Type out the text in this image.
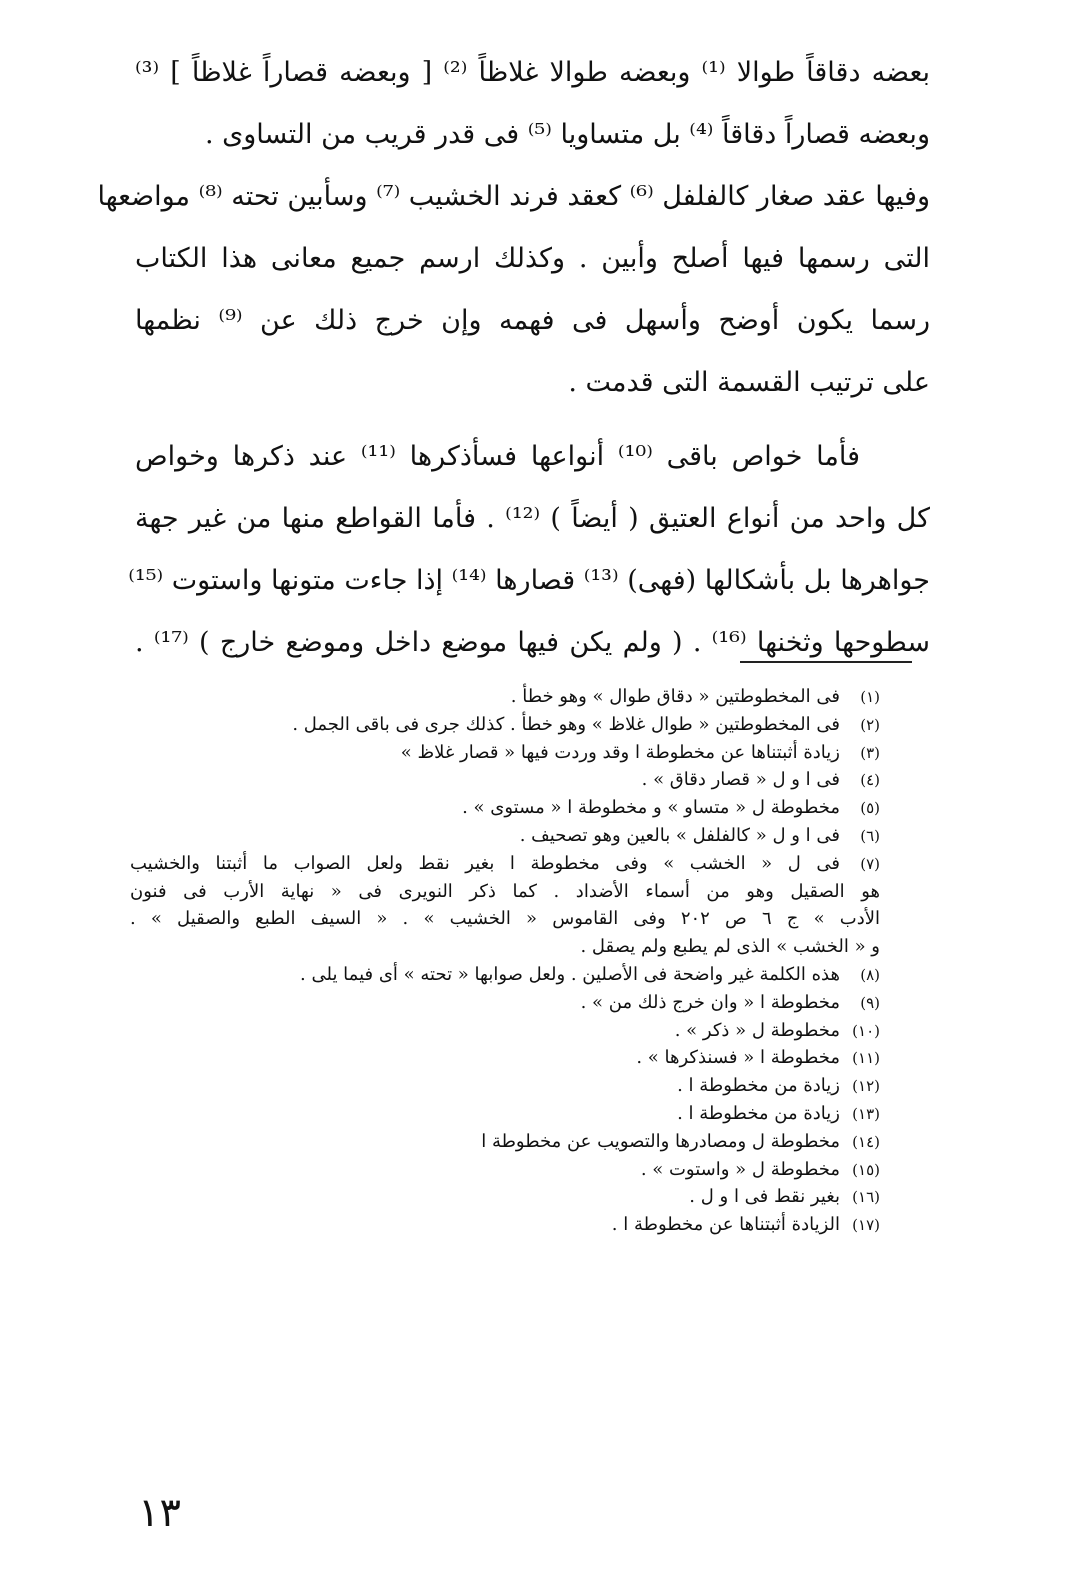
بعضه دقاقاً طوالا ⁽¹⁾ وبعضه طوالا غلاظاً ⁽²⁾ [ وبعضه قصاراً غلاظاً ] ⁽³⁾
وبعضه قصاراً دقاقاً ⁽⁴⁾ بل متساويا ⁽⁵⁾ فى قدر قريب من التساوى .
وفيها عقد صغار كالفلفل ⁽⁶⁾ كعقد فرند الخشيب ⁽⁷⁾ وسأبين تحته ⁽⁸⁾ مواضعها
التى رسمها فيها أصلح وأبين . وكذلك ارسم جميع معانى هذا الكتاب
رسما يكون أوضح وأسهل فى فهمه وإن خرج ذلك عن ⁽⁹⁾ نظمها
على ترتيب القسمة التى قدمت .
فأما خواص باقى ⁽¹⁰⁾ أنواعها فسأذكرها ⁽¹¹⁾ عند ذكرها وخواص
كل واحد من أنواع العتيق ( أيضاً ) ⁽¹²⁾ . فأما القواطع منها من غير جهة
جواهرها بل بأشكالها (فهى) ⁽¹³⁾ قصارها ⁽¹⁴⁾ إذا جاءت متونها واستوت ⁽¹⁵⁾
سطوحها وثخنها ⁽¹⁶⁾ . ( ولم يكن فيها موضع داخل وموضع خارج ) ⁽¹⁷⁾ .
(١)فى المخطوطتين « دقاق طوال » وهو خطأ .
(٢)فى المخطوطتين « طوال غلاظ » وهو خطأ . كذلك جرى فى باقى الجمل .
(٣)زيادة أثبتناها عن مخطوطة ا وقد وردت فيها « قصار غلاظ »
(٤)فى ا و ل « قصار دقاق » .
(٥)مخطوطة ل « متساو » و مخطوطة ا « مستوى » .
(٦)فى ا و ل « كالفلفل » بالعين وهو تصحيف .
(٧)فى ل « الخشب » وفى مخطوطة ا بغير نقط ولعل الصواب ما أثبتنا والخشيب
هو الصقيل وهو من أسماء الأضداد . كما ذكر النويرى فى « نهاية الأرب فى فنون
الأدب » ج ٦ ص ٢٠٢ وفى القاموس « الخشيب » . « السيف الطبع والصقيل » .
و « الخشب » الذى لم يطبع ولم يصقل .
(٨)هذه الكلمة غير واضحة فى الأصلين . ولعل صوابها « تحته » أى فيما يلى .
(٩)مخطوطة ا « وان خرج ذلك من » .
(١٠)مخطوطة ل « ذكر » .
(١١)مخطوطة ا « فسنذكرها » .
(١٢)زيادة من مخطوطة ا .
(١٣)زيادة من مخطوطة ا .
(١٤)مخطوطة ل ومصادرها والتصويب عن مخطوطة ا
(١٥)مخطوطة ل « واستوت » .
(١٦)بغير نقط فى ا و ل .
(١٧)الزيادة أثبتناها عن مخطوطة ا .
١٣
